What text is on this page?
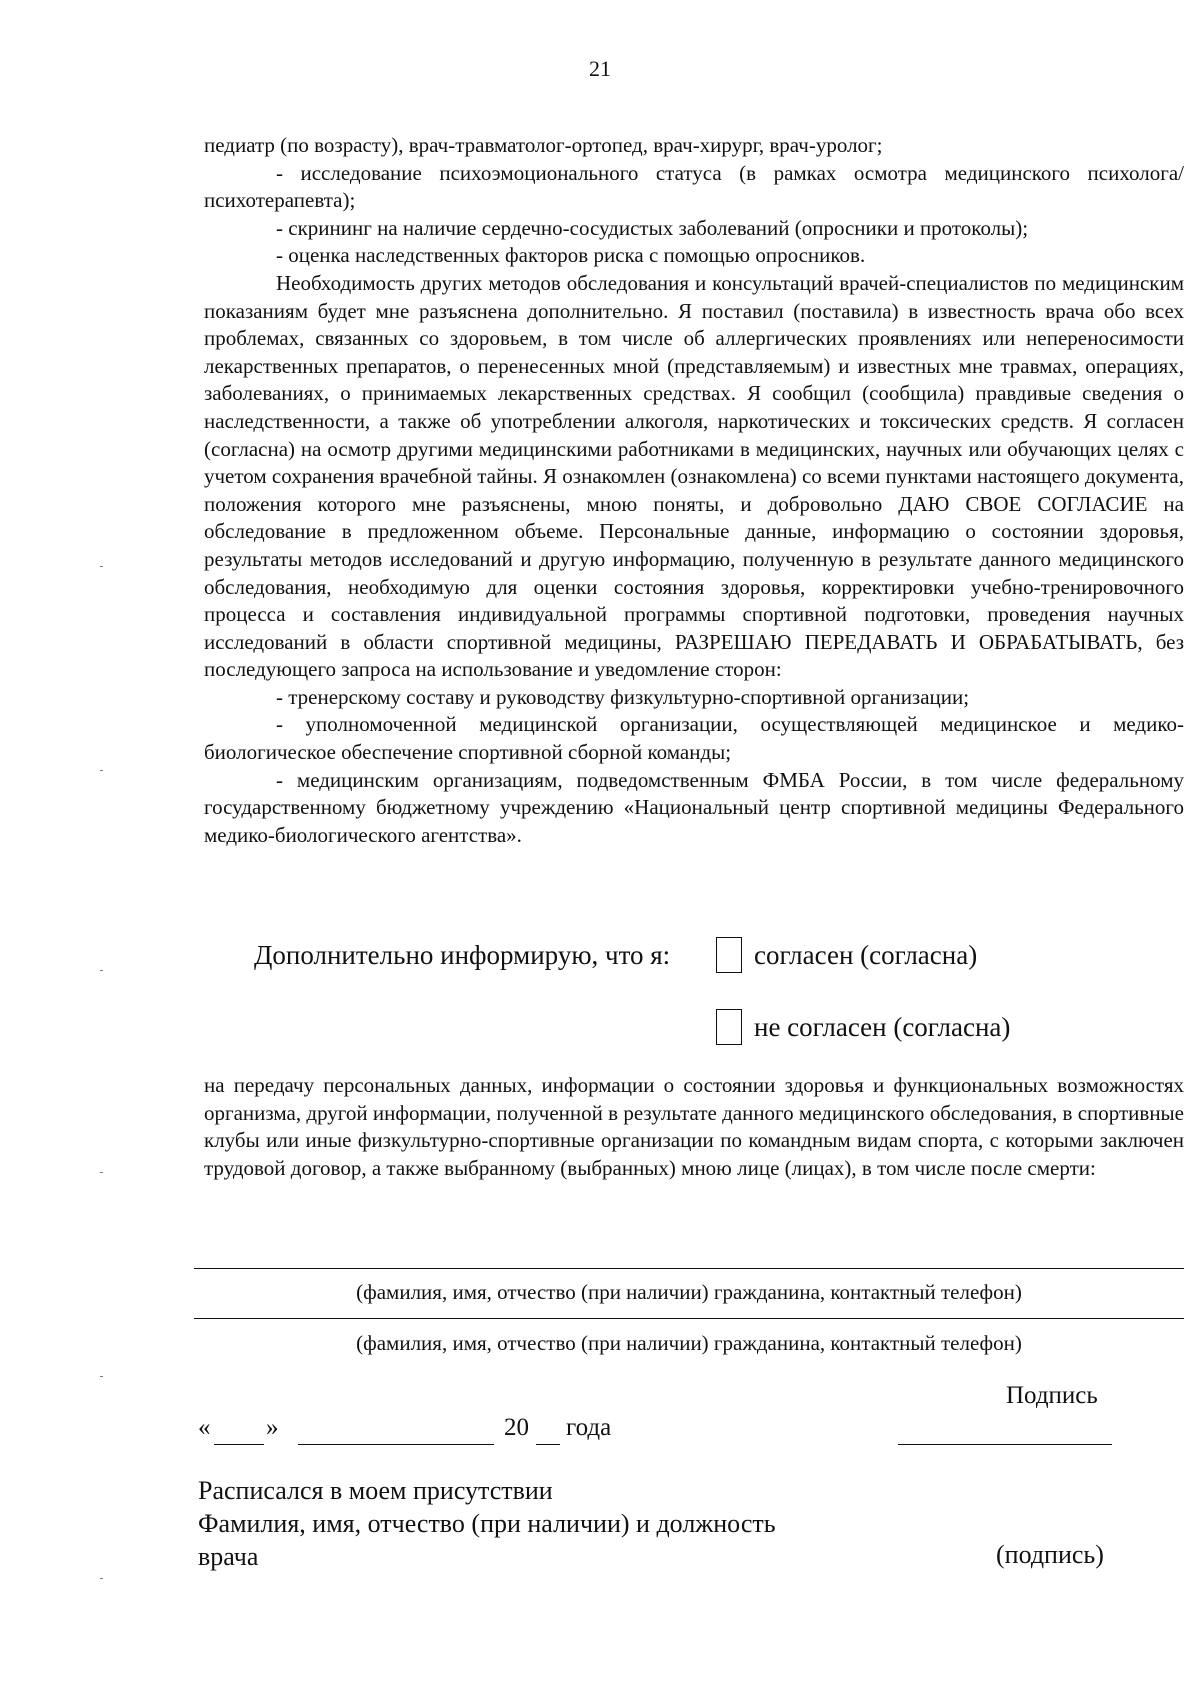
21

педиатр (по возрасту), врач-травматолог-ортопед, врач-хирург, врач-уролог;

- исследование психоэмоционального статуса (в рамках осмотра медицинского психолога/психотерапевта);

- скрининг на наличие сердечно-сосудистых заболеваний (опросники и протоколы);

- оценка наследственных факторов риска с помощью опросников.

Необходимость других методов обследования и консультаций врачей-специалистов по медицинским показаниям будет мне разъяснена дополнительно. Я поставил (поставила) в известность врача обо всех проблемах, связанных со здоровьем, в том числе об аллергических проявлениях или непереносимости лекарственных препаратов, о перенесенных мной (представляемым) и известных мне травмах, операциях, заболеваниях, о принимаемых лекарственных средствах. Я сообщил (сообщила) правдивые сведения о наследственности, а также об употреблении алкоголя, наркотических и токсических средств. Я согласен (согласна) на осмотр другими медицинскими работниками в медицинских, научных или обучающих целях с учетом сохранения врачебной тайны. Я ознакомлен (ознакомлена) со всеми пунктами настоящего документа, положения которого мне разъяснены, мною поняты, и добровольно ДАЮ СВОЕ СОГЛАСИЕ на обследование в предложенном объеме. Персональные данные, информацию о состоянии здоровья, результаты методов исследований и другую информацию, полученную в результате данного медицинского обследования, необходимую для оценки состояния здоровья, корректировки учебно-тренировочного процесса и составления индивидуальной программы спортивной подготовки, проведения научных исследований в области спортивной медицины, РАЗРЕШАЮ ПЕРЕДАВАТЬ И ОБРАБАТЫВАТЬ, без последующего запроса на использование и уведомление сторон:

- тренерскому составу и руководству физкультурно-спортивной организации;

- уполномоченной медицинской организации, осуществляющей медицинское и медико-биологическое обеспечение спортивной сборной команды;

- медицинским организациям, подведомственным ФМБА России, в том числе федеральному государственному бюджетному учреждению «Национальный центр спортивной медицины Федерального медико-биологического агентства».

Дополнительно информирую, что я:	согласен (согласна)
не согласен (согласна)

на передачу персональных данных, информации о состоянии здоровья и функциональных возможностях организма, другой информации, полученной в результате данного медицинского обследования, в спортивные клубы или иные физкультурно-спортивные организации по командным видам спорта, с которыми заключен трудовой договор, а также выбранному (выбранных) мною лице (лицах), в том числе после смерти:

(фамилия, имя, отчество (при наличии) гражданина, контактный телефон)
(фамилия, имя, отчество (при наличии) гражданина, контактный телефон)
Подпись
« »	20 года
Расписался в моем присутствии
Фамилия, имя, отчество (при наличии) и должность
врача	(подпись)
